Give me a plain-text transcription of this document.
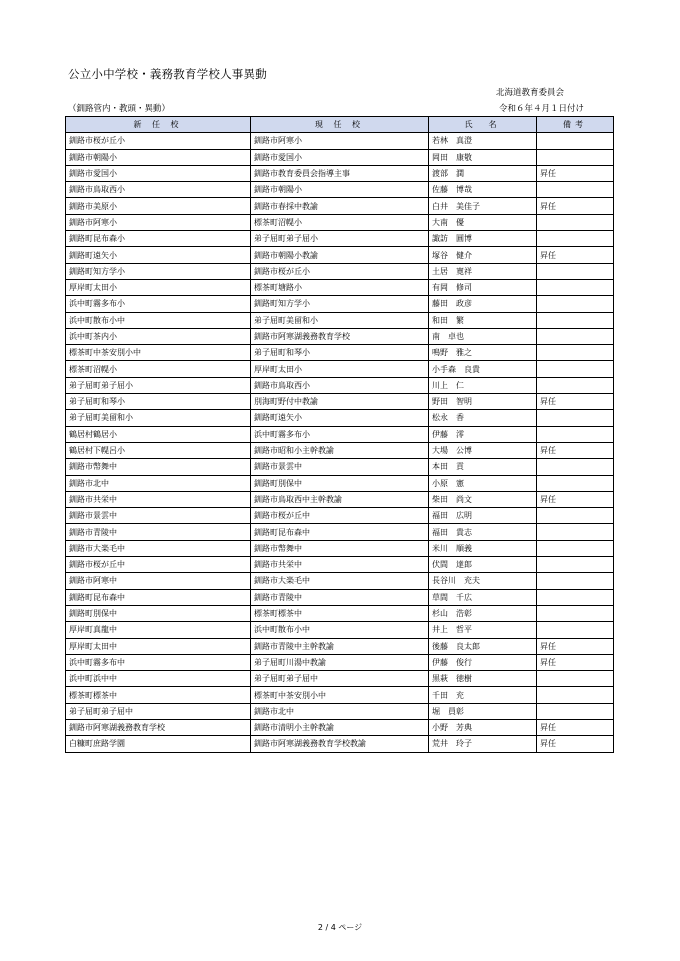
公立小中学校・義務教育学校人事異動
北海道教育委員会
（釧路管内・教頭・異動）	令和６年４月１日付け
新 任 校	現 任 校	氏　名	備考
釧路市桜が丘小	釧路市阿寒小	若林　真澄	
釧路市朝陽小	釧路市愛国小	岡田　康敬	
釧路市愛国小	釧路市教育委員会指導主事	渡部　潤	昇任
釧路市鳥取西小	釧路市朝陽小	佐藤　博哉	
釧路市美原小	釧路市春採中教諭	白井　美佳子	昇任
釧路市阿寒小	標茶町沼幌小	大南　優	
釧路町昆布森小	弟子屈町弟子屈小	諏訪　圓博	
釧路町遠矢小	釧路市朝陽小教諭	塚谷　健介	昇任
釧路町知方学小	釧路市桜が丘小	土居　寛祥	
厚岸町太田小	標茶町塘路小	有岡　修司	
浜中町霧多布小	釧路町知方学小	藤田　政彦	
浜中町散布小中	弟子屈町美留和小	和田　繁	
浜中町茶内小	釧路市阿寒湖義務教育学校	南　卓也	
標茶町中茶安別小中	弟子屈町和琴小	鳴野　雅之	
標茶町沼幌小	厚岸町太田小	小手森　良貴	
弟子屈町弟子屈小	釧路市鳥取西小	川上　仁	
弟子屈町和琴小	別海町野付中教諭	野田　智明	昇任
弟子屈町美留和小	釧路町遠矢小	松永　香	
鶴居村鶴居小	浜中町霧多布小	伊藤　澪	
鶴居村下幌呂小	釧路市昭和小主幹教諭	大場　公博	昇任
釧路市幣舞中	釧路市景雲中	本田　貢	
釧路市北中	釧路町別保中	小原　憲	
釧路市共栄中	釧路市鳥取西中主幹教諭	柴田　尚文	昇任
釧路市景雲中	釧路市桜が丘中	福田　広明	
釧路市青陵中	釧路町昆布森中	福田　貴志	
釧路市大楽毛中	釧路市幣舞中	米川　順義	
釧路市桜が丘中	釧路市共栄中	伏間　達郎	
釧路市阿寒中	釧路市大楽毛中	長谷川　充夫	
釧路町昆布森中	釧路市青陵中	草間　千広	
釧路町別保中	標茶町標茶中	杉山　浩彰	
厚岸町真龍中	浜中町散布小中	井上　哲平	
厚岸町太田中	釧路市青陵中主幹教諭	後藤　良太郎	昇任
浜中町霧多布中	弟子屈町川湯中教諭	伊藤　俊行	昇任
浜中町浜中中	弟子屈町弟子屈中	黒萩　徳樹	
標茶町標茶中	標茶町中茶安別小中	千田　充	
弟子屈町弟子屈中	釧路市北中	堀　員彰	
釧路市阿寒湖義務教育学校	釧路市清明小主幹教諭	小野　芳典	昇任
白糠町庶路学園	釧路市阿寒湖義務教育学校教諭	荒井　玲子	昇任
2 / 4 ページ
